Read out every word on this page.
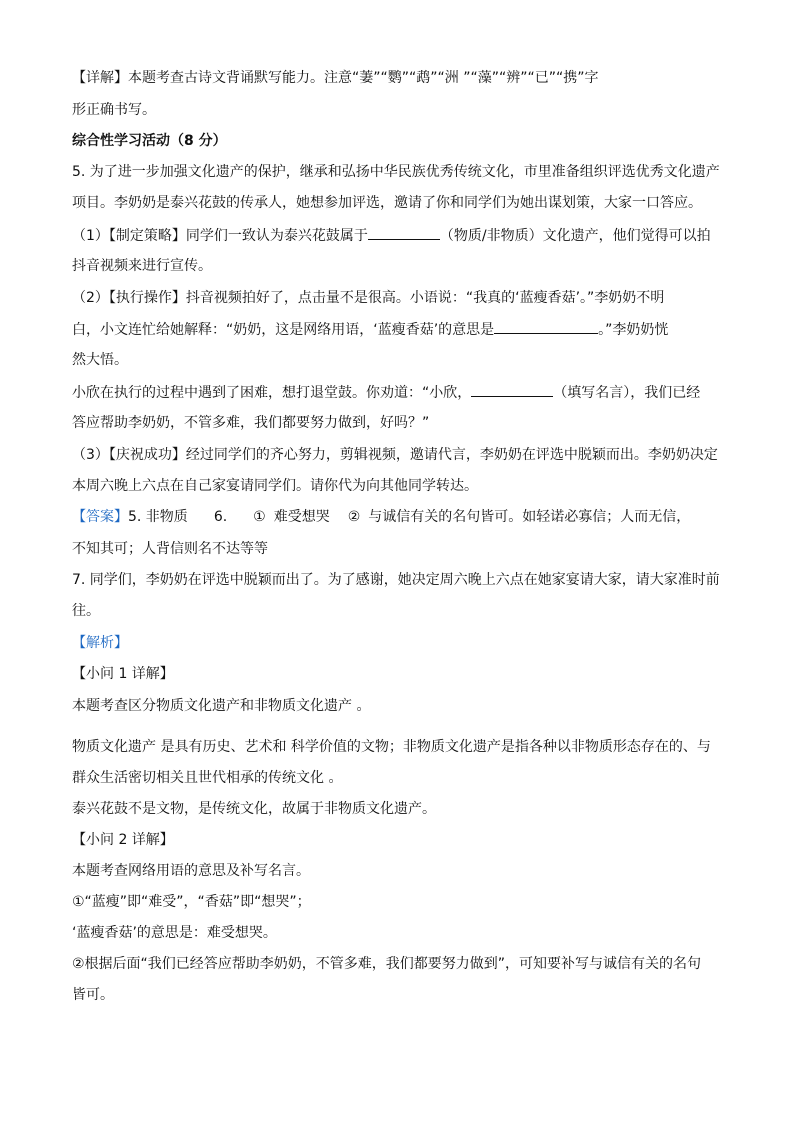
【详解】本题考查古诗文背诵默写能力。注意“萋”“鹦”“鹉”“洲 ”“藻”“辨”“已”“携”字
形正确书写。
综合性学习活动（8 分）
5. 为了进一步加强文化遗产的保护，继承和弘扬中华民族优秀传统文化，市里准备组织评选优秀文化遗产
项目。李奶奶是泰兴花鼓的传承人，她想参加评选，邀请了你和同学们为她出谋划策，大家一口答应。
（1）【制定策略】同学们一致认为泰兴花鼓属于	（物质/非物质）文化遗产，他们觉得可以拍
抖音视频来进行宣传。
（2）【执行操作】抖音视频拍好了，点击量不是很高。小语说：“我真的‘蓝瘦香菇’。”李奶奶不明
白，小文连忙给她解释：“奶奶，这是网络用语，‘蓝瘦香菇’的意思是	。”李奶奶恍
然大悟。
小欣在执行的过程中遇到了困难，想打退堂鼓。你劝道：“小欣，	（填写名言），我们已经
答应帮助李奶奶，不管多难，我们都要努力做到，好吗？”
（3）【庆祝成功】经过同学们的齐心努力，剪辑视频，邀请代言，李奶奶在评选中脱颖而出。李奶奶决定
本周六晚上六点在自己家宴请同学们。请你代为向其他同学转达。
【答案】5. 非物质 6. ① 难受想哭 ② 与诚信有关的名句皆可。如轻诺必寡信；人而无信，
不知其可；人背信则名不达等等
7. 同学们，李奶奶在评选中脱颖而出了。为了感谢，她决定周六晚上六点在她家宴请大家，请大家准时前
往。
【解析】
【小问 1 详解】
本题考查区分物质文化遗产和非物质文化遗产 。
物质文化遗产 是具有历史、艺术和 科学价值的文物；非物质文化遗产是指各种以非物质形态存在的、与
群众生活密切相关且世代相承的传统文化 。
泰兴花鼓不是文物，是传统文化，故属于非物质文化遗产。
【小问 2 详解】
本题考查网络用语的意思及补写名言。
①“蓝瘦”即“难受”，“香菇”即“想哭”；
‘蓝瘦香菇’的意思是：难受想哭。
②根据后面“我们已经答应帮助李奶奶，不管多难，我们都要努力做到”，可知要补写与诚信有关的名句
皆可。
